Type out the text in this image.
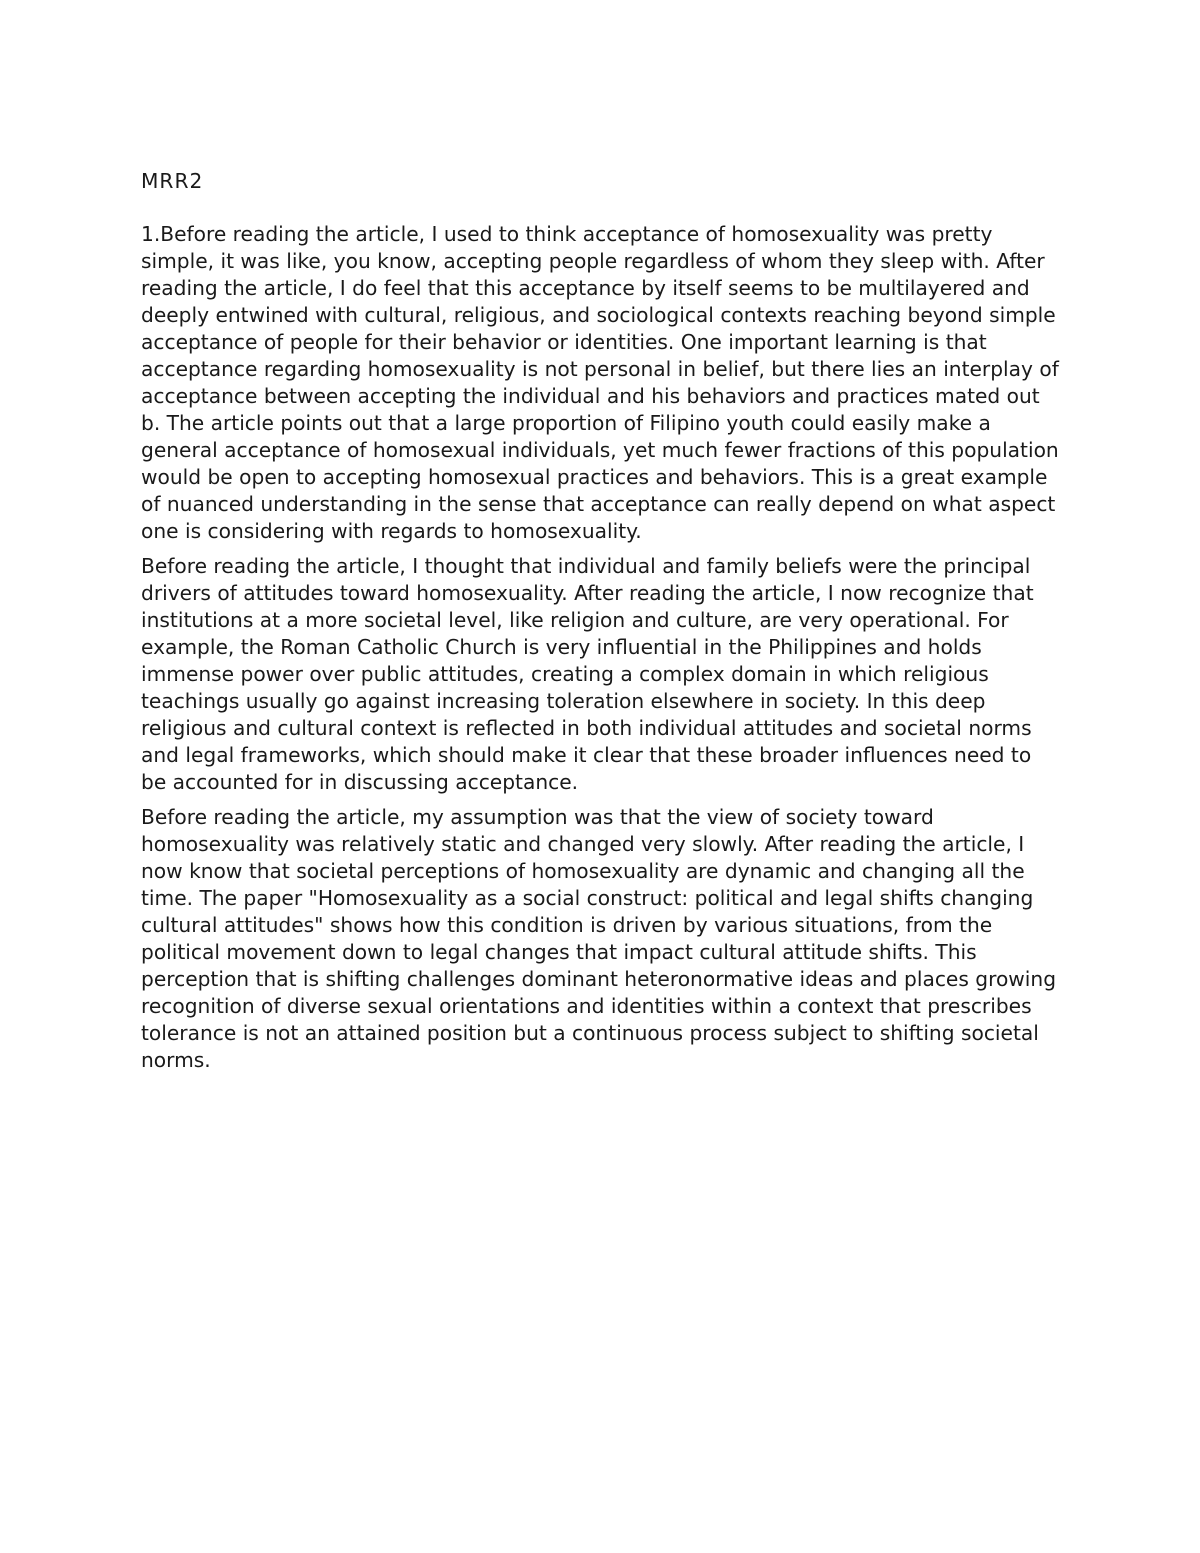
MRR2

1.Before reading the article, I used to think acceptance of homosexuality was pretty simple, it was like, you know, accepting people regardless of whom they sleep with. After reading the article, I do feel that this acceptance by itself seems to be multilayered and deeply entwined with cultural, religious, and sociological contexts reaching beyond simple acceptance of people for their behavior or identities. One important learning is that acceptance regarding homosexuality is not personal in belief, but there lies an interplay of acceptance between accepting the individual and his behaviors and practices mated out b. The article points out that a large proportion of Filipino youth could easily make a general acceptance of homosexual individuals, yet much fewer fractions of this population would be open to accepting homosexual practices and behaviors. This is a great example of nuanced understanding in the sense that acceptance can really depend on what aspect one is considering with regards to homosexuality.

Before reading the article, I thought that individual and family beliefs were the principal drivers of attitudes toward homosexuality. After reading the article, I now recognize that institutions at a more societal level, like religion and culture, are very operational. For example, the Roman Catholic Church is very influential in the Philippines and holds immense power over public attitudes, creating a complex domain in which religious teachings usually go against increasing toleration elsewhere in society. In this deep religious and cultural context is reflected in both individual attitudes and societal norms and legal frameworks, which should make it clear that these broader influences need to be accounted for in discussing acceptance.

Before reading the article, my assumption was that the view of society toward homosexuality was relatively static and changed very slowly. After reading the article, I now know that societal perceptions of homosexuality are dynamic and changing all the time. The paper "Homosexuality as a social construct: political and legal shifts changing cultural attitudes" shows how this condition is driven by various situations, from the political movement down to legal changes that impact cultural attitude shifts. This perception that is shifting challenges dominant heteronormative ideas and places growing recognition of diverse sexual orientations and identities within a context that prescribes tolerance is not an attained position but a continuous process subject to shifting societal norms.
